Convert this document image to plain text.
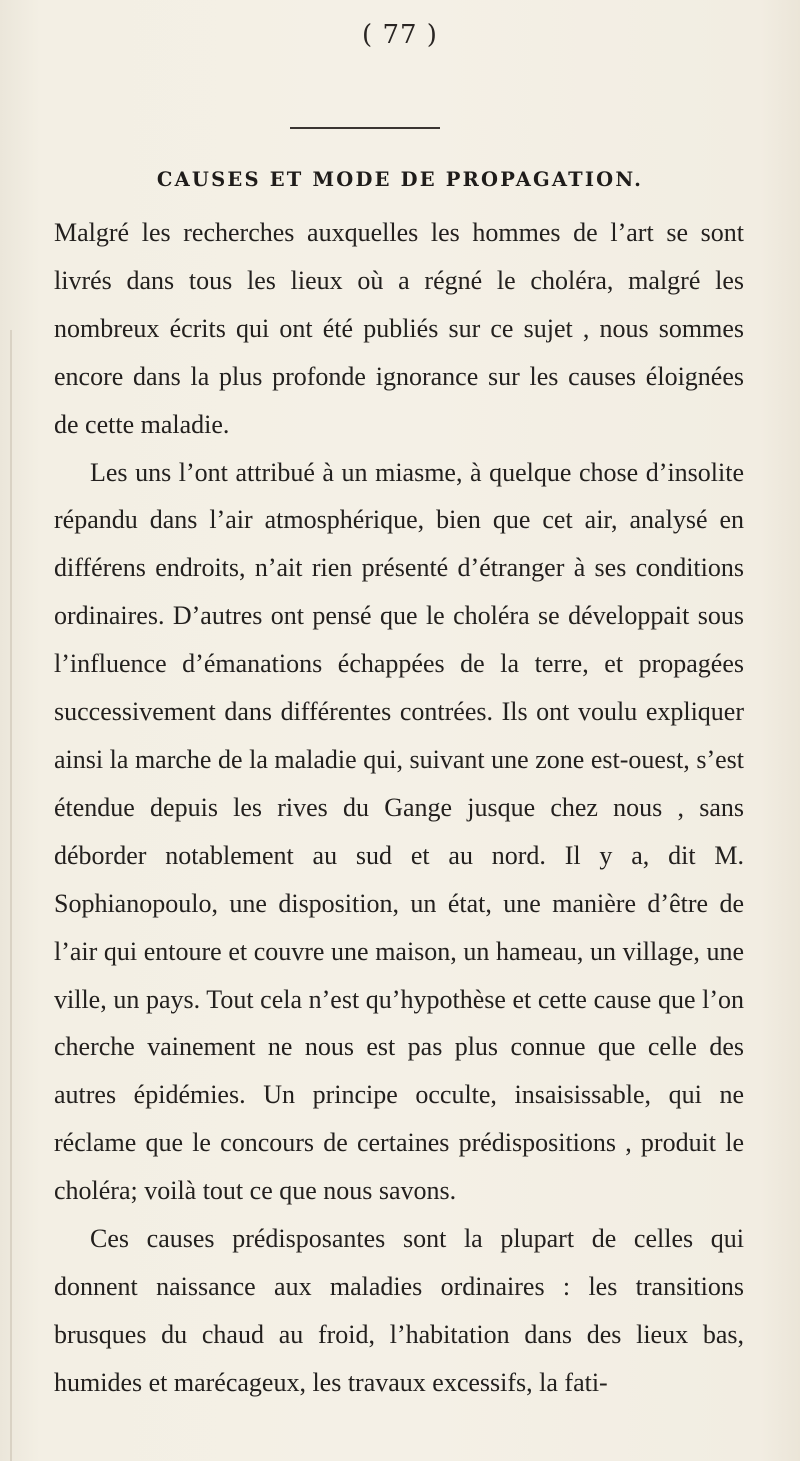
( 77 )
CAUSES ET MODE DE PROPAGATION.

Malgré les recherches auxquelles les hommes de l’art se sont livrés dans tous les lieux où a régné le choléra, malgré les nombreux écrits qui ont été publiés sur ce sujet , nous sommes encore dans la plus profonde ignorance sur les causes éloignées de cette maladie.

Les uns l’ont attribué à un miasme, à quelque chose d’insolite répandu dans l’air atmosphérique, bien que cet air, analysé en différens endroits, n’ait rien présenté d’étranger à ses conditions ordinaires. D’autres ont pensé que le choléra se développait sous l’influence d’émanations échappées de la terre, et propagées successivement dans différentes contrées. Ils ont voulu expliquer ainsi la marche de la maladie qui, suivant une zone est-ouest, s’est étendue depuis les rives du Gange jusque chez nous , sans déborder notablement au sud et au nord. Il y a, dit M. Sophianopoulo, une disposition, un état, une manière d’être de l’air qui entoure et couvre une maison, un hameau, un village, une ville, un pays. Tout cela n’est qu’hypothèse et cette cause que l’on cherche vainement ne nous est pas plus connue que celle des autres épidémies. Un principe occulte, insaisissable, qui ne réclame que le concours de certaines prédispositions , produit le choléra; voilà tout ce que nous savons.

Ces causes prédisposantes sont la plupart de celles qui donnent naissance aux maladies ordinaires : les transitions brusques du chaud au froid, l’habitation dans des lieux bas, humides et marécageux, les travaux excessifs, la fati-
